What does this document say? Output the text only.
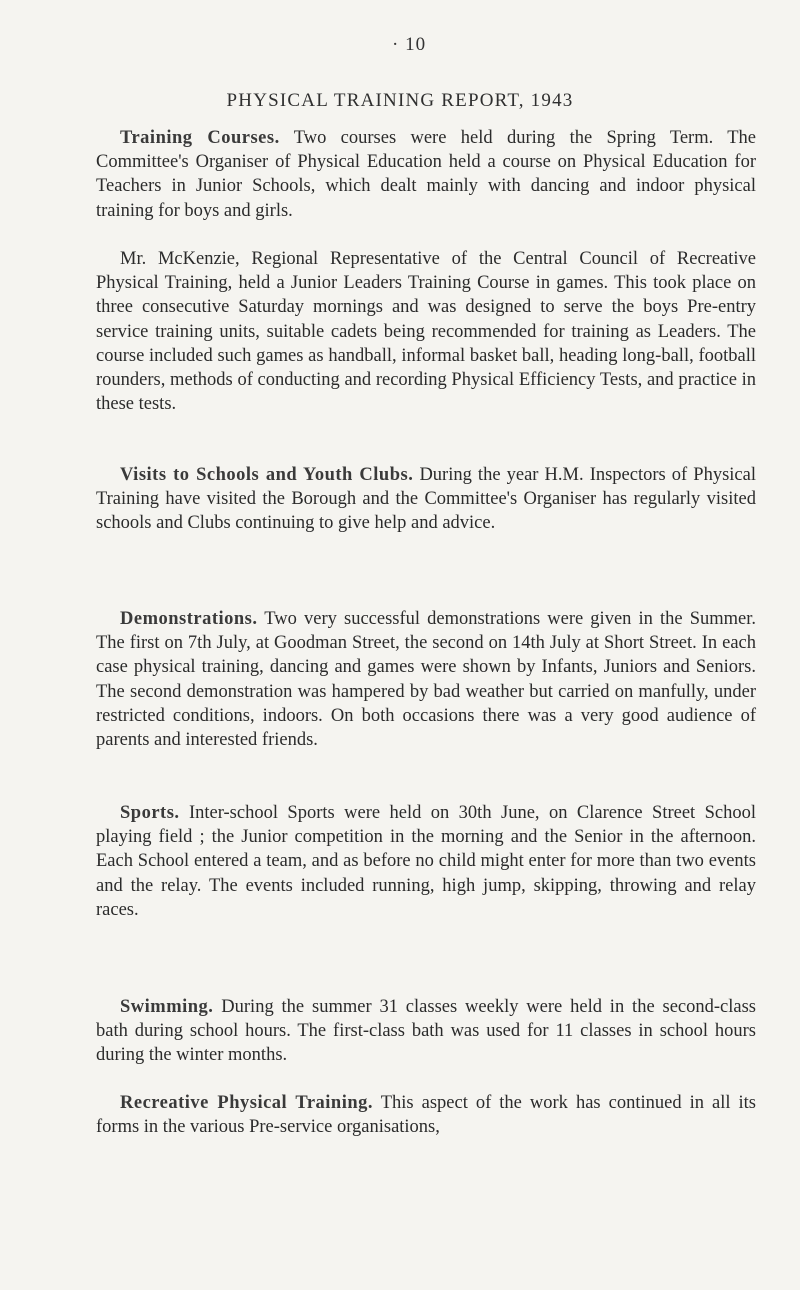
· 10
PHYSICAL TRAINING REPORT, 1943

Training Courses. Two courses were held during the Spring Term. The Committee's Organiser of Physical Education held a course on Physical Education for Teachers in Junior Schools, which dealt mainly with dancing and indoor physical training for boys and girls.

Mr. McKenzie, Regional Representative of the Central Council of Recreative Physical Training, held a Junior Leaders Training Course in games. This took place on three consecutive Saturday mornings and was designed to serve the boys Pre-entry service training units, suitable cadets being recommended for training as Leaders. The course included such games as handball, informal basket ball, heading long-ball, football rounders, methods of conducting and recording Physical Efficiency Tests, and practice in these tests.

Visits to Schools and Youth Clubs. During the year H.M. Inspectors of Physical Training have visited the Borough and the Committee's Organiser has regularly visited schools and Clubs continuing to give help and advice.

Demonstrations. Two very successful demonstrations were given in the Summer. The first on 7th July, at Goodman Street, the second on 14th July at Short Street. In each case physical training, dancing and games were shown by Infants, Juniors and Seniors. The second demonstration was hampered by bad weather but carried on manfully, under restricted conditions, indoors. On both occasions there was a very good audience of parents and interested friends.

Sports. Inter-school Sports were held on 30th June, on Clarence Street School playing field ; the Junior competition in the morning and the Senior in the afternoon. Each School entered a team, and as before no child might enter for more than two events and the relay. The events included running, high jump, skipping, throwing and relay races.

Swimming. During the summer 31 classes weekly were held in the second-class bath during school hours. The first-class bath was used for 11 classes in school hours during the winter months.

Recreative Physical Training. This aspect of the work has continued in all its forms in the various Pre-service organisations,
